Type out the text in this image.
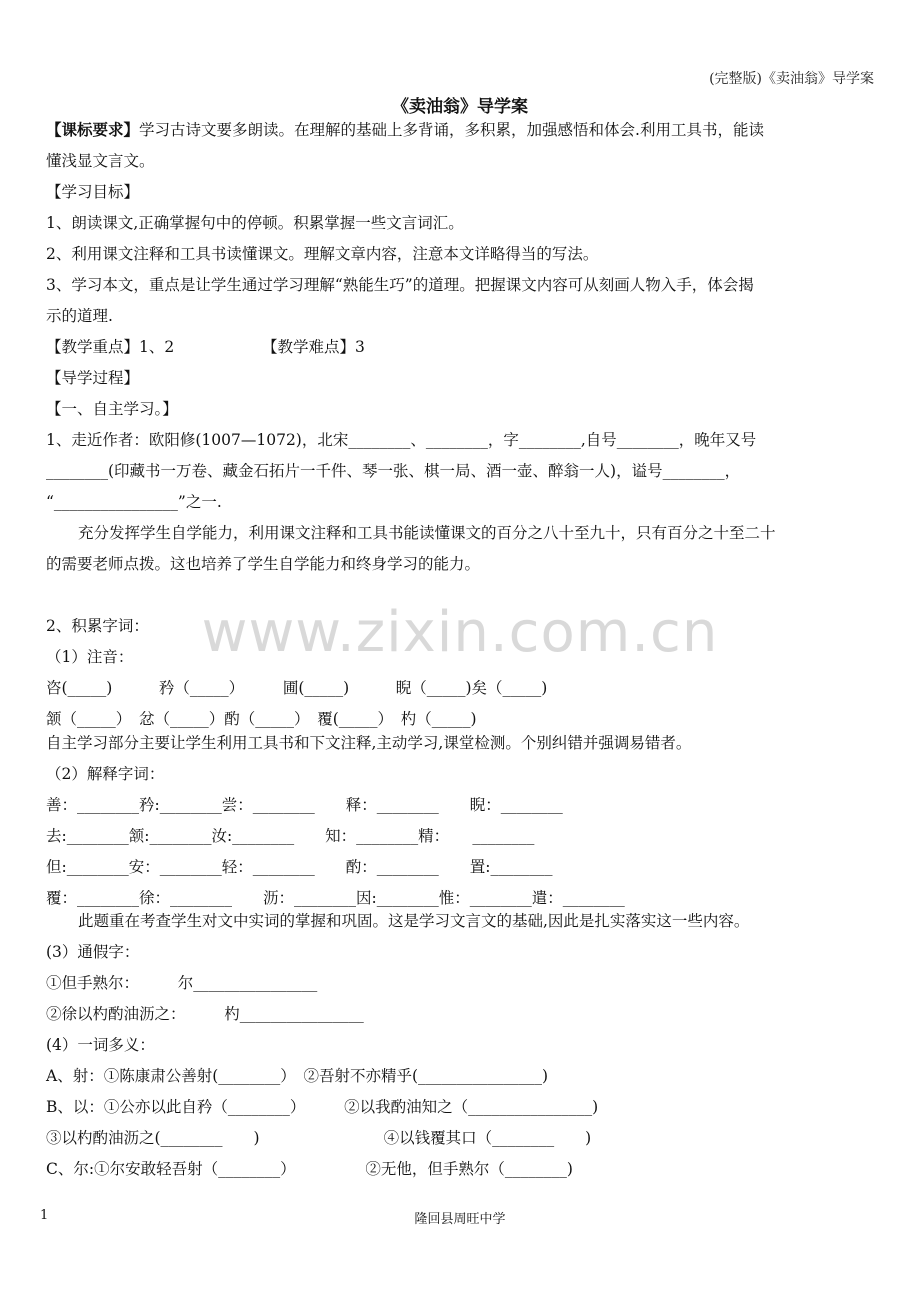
(完整版)《卖油翁》导学案
www.zixin.com.cn
《卖油翁》导学案
【课标要求】学习古诗文要多朗读。在理解的基础上多背诵，多积累，加强感悟和体会.利用工具书，能读
懂浅显文言文。
【学习目标】
1、朗读课文,正确掌握句中的停顿。积累掌握一些文言词汇。
2、利用课文注释和工具书读懂课文。理解文章内容，注意本文详略得当的写法。
3、学习本文，重点是让学生通过学习理解“熟能生巧”的道理。把握课文内容可从刻画人物入手，体会揭
示的道理.
【教学重点】1、2	【教学难点】3
【导学过程】
【一、自主学习。】
1、走近作者：欧阳修(1007—1072)，北宋________、________，字________,自号________，晚年又号
________(印藏书一万卷、藏金石拓片一千件、琴一张、棋一局、酒一壶、醉翁一人)，谥号________，
“________________”之一.
充分发挥学生自学能力，利用课文注释和工具书能读懂课文的百分之八十至九十，只有百分之十至二十
的需要老师点拨。这也培养了学生自学能力和终身学习的能力。
2、积累字词：
（1）注音：
咨(_____)　　　矜（_____）　　　圃(_____)　　　睨（_____)矣（_____)
颔（_____）　忿（_____）酌（_____）　覆(_____）　杓（_____)
自主学习部分主要让学生利用工具书和下文注释,主动学习,课堂检测。个别纠错并强调易错者。
（2）解释字词：
善：________矜:________尝：________　　释：________　　睨：________
去:________颔:________汝:________　　知：________精：　　________
但:________安：________轻：________　　酌：________　　置:________
覆：________徐：________　　沥：________因:________惟：________遣：________
此题重在考查学生对文中实词的掌握和巩固。这是学习文言文的基础,因此是扎实落实这一些内容。
(3）通假字：
①但手熟尔：　　　尔________________
②徐以杓酌油沥之：　　　杓________________
(4）一词多义：
A、射：①陈康肃公善射(________）　②吾射不亦精乎(________________)
B、以：①公亦以此自矜（________）　　　②以我酌油知之（________________)
③以杓酌油沥之(________　　)　　　　　　　　④以钱覆其口（________　　)
C、尔:①尔安敢轻吾射（________）　　　　　②无他，但手熟尔（________)
1	隆回县周旺中学
